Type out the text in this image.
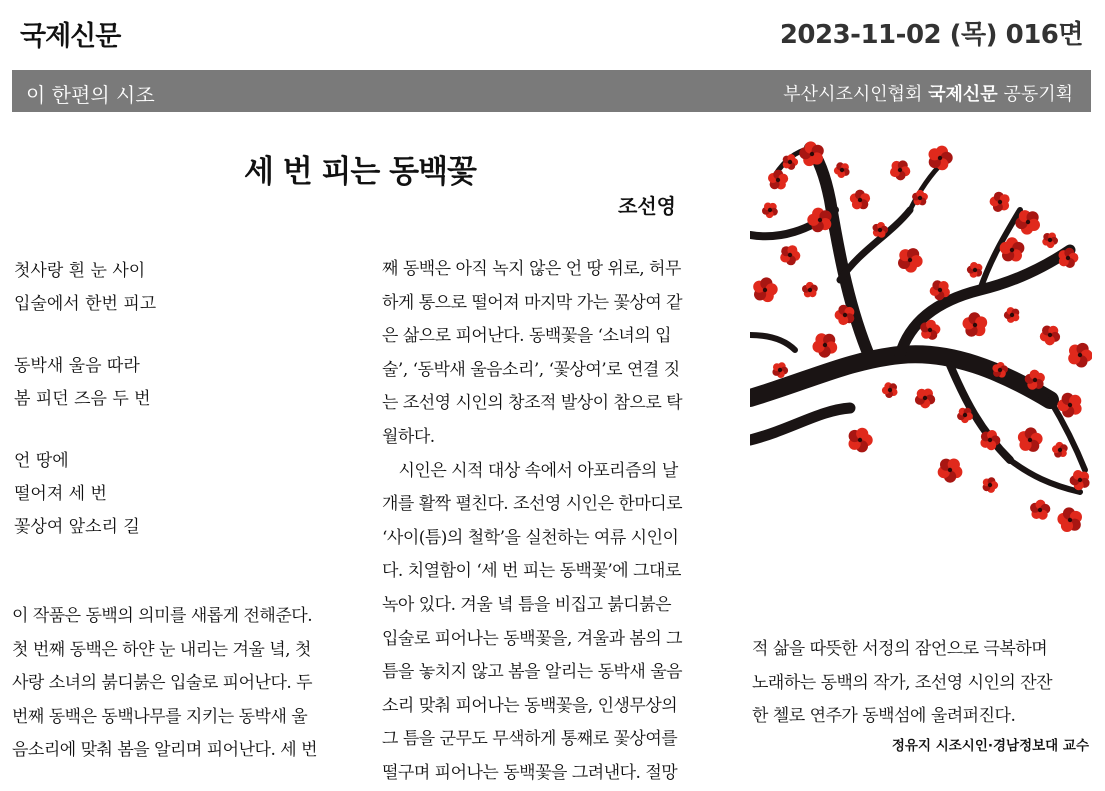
국제신문	2023-11-02 (목) 016면
이 한편의 시조	부산시조시인협회 국제신문 공동기획
세 번 피는 동백꽃
조선영
첫사랑 흰 눈 사이
입술에서 한번 피고
동박새 울음 따라
봄 피던 즈음 두 번
언 땅에
떨어져 세 번
꽃상여 앞소리 길
이 작품은 동백의 의미를 새롭게 전해준다.
첫 번째 동백은 하얀 눈 내리는 겨울 녘, 첫
사랑 소녀의 붉디붉은 입술로 피어난다. 두
번째 동백은 동백나무를 지키는 동박새 울
음소리에 맞춰 봄을 알리며 피어난다. 세 번
째 동백은 아직 녹지 않은 언 땅 위로, 허무
하게 통으로 떨어져 마지막 가는 꽃상여 같
은 삶으로 피어난다. 동백꽃을 ‘소녀의 입
술’, ‘동박새 울음소리’, ‘꽃상여’로 연결 짓
는 조선영 시인의 창조적 발상이 참으로 탁
월하다.
　시인은 시적 대상 속에서 아포리즘의 날
개를 활짝 펼친다. 조선영 시인은 한마디로
‘사이(틈)의 철학’을 실천하는 여류 시인이
다. 치열함이 ‘세 번 피는 동백꽃’에 그대로
녹아 있다. 겨울 녘 틈을 비집고 붉디붉은
입술로 피어나는 동백꽃을, 겨울과 봄의 그
틈을 놓치지 않고 봄을 알리는 동박새 울음
소리 맞춰 피어나는 동백꽃을, 인생무상의
그 틈을 군무도 무색하게 통째로 꽃상여를
떨구며 피어나는 동백꽃을 그려낸다. 절망
적 삶을 따뜻한 서정의 잠언으로 극복하며
노래하는 동백의 작가, 조선영 시인의 잔잔
한 첼로 연주가 동백섬에 울려퍼진다.
정유지 시조시인·경남정보대 교수
